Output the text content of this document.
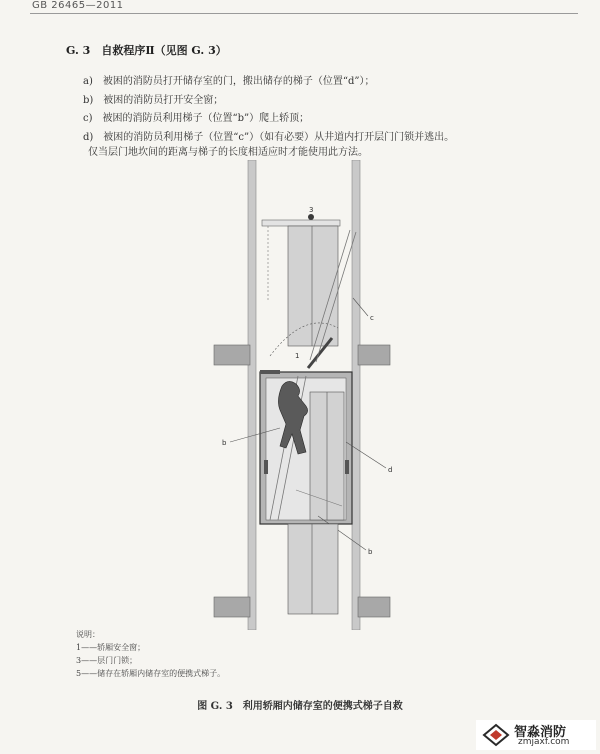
GB 26465—2011
G. 3　自救程序Ⅱ（见图 G. 3）
a)　被困的消防员打开储存室的门，搬出储存的梯子（位置“d”）；
b)　被困的消防员打开安全窗；
c)　被困的消防员利用梯子（位置“b”）爬上轿顶；
d)　被困的消防员利用梯子（位置“c”）（如有必要）从井道内打开层门门锁并逃出。
仅当层门地坎间的距离与梯子的长度相适应时才能使用此方法。
3
1
c
b
d
b
说明：
1——轿厢安全窗；
3——层门门锁；
5——储存在轿厢内储存室的便携式梯子。
图 G. 3　利用轿厢内储存室的便携式梯子自救
智淼消防
zmjaxf.com
